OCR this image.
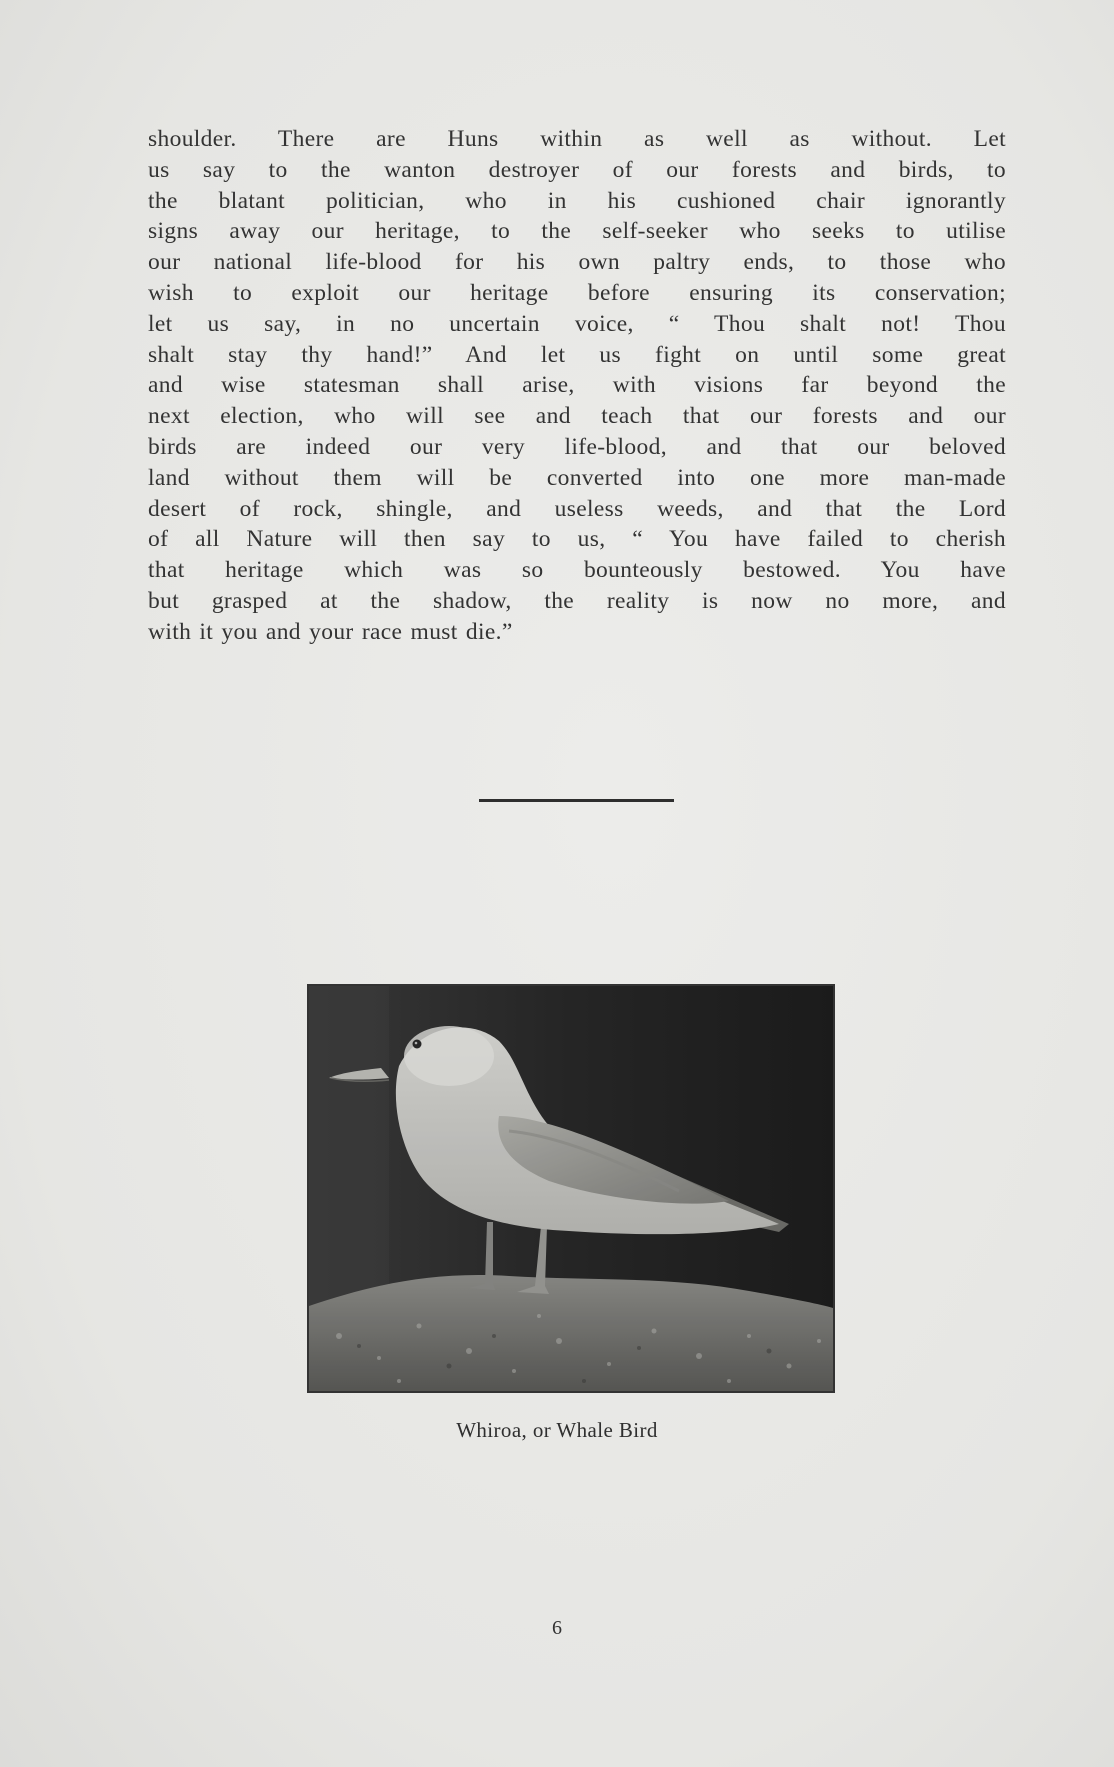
shoulder. There are Huns within as well as without. Let
us say to the wanton destroyer of our forests and birds, to
the blatant politician, who in his cushioned chair ignorantly
signs away our heritage, to the self-seeker who seeks to utilise
our national life-blood for his own paltry ends, to those who
wish to exploit our heritage before ensuring its conservation;
let us say, in no uncertain voice, “ Thou shalt not! Thou
shalt stay thy hand!” And let us fight on until some great
and wise statesman shall arise, with visions far beyond the
next election, who will see and teach that our forests and our
birds are indeed our very life-blood, and that our beloved
land without them will be converted into one more man-made
desert of rock, shingle, and useless weeds, and that the Lord
of all Nature will then say to us, “ You have failed to cherish
that heritage which was so bounteously bestowed. You have
but grasped at the shadow, the reality is now no more, and
with it you and your race must die.”
Whiroa, or Whale Bird
6
